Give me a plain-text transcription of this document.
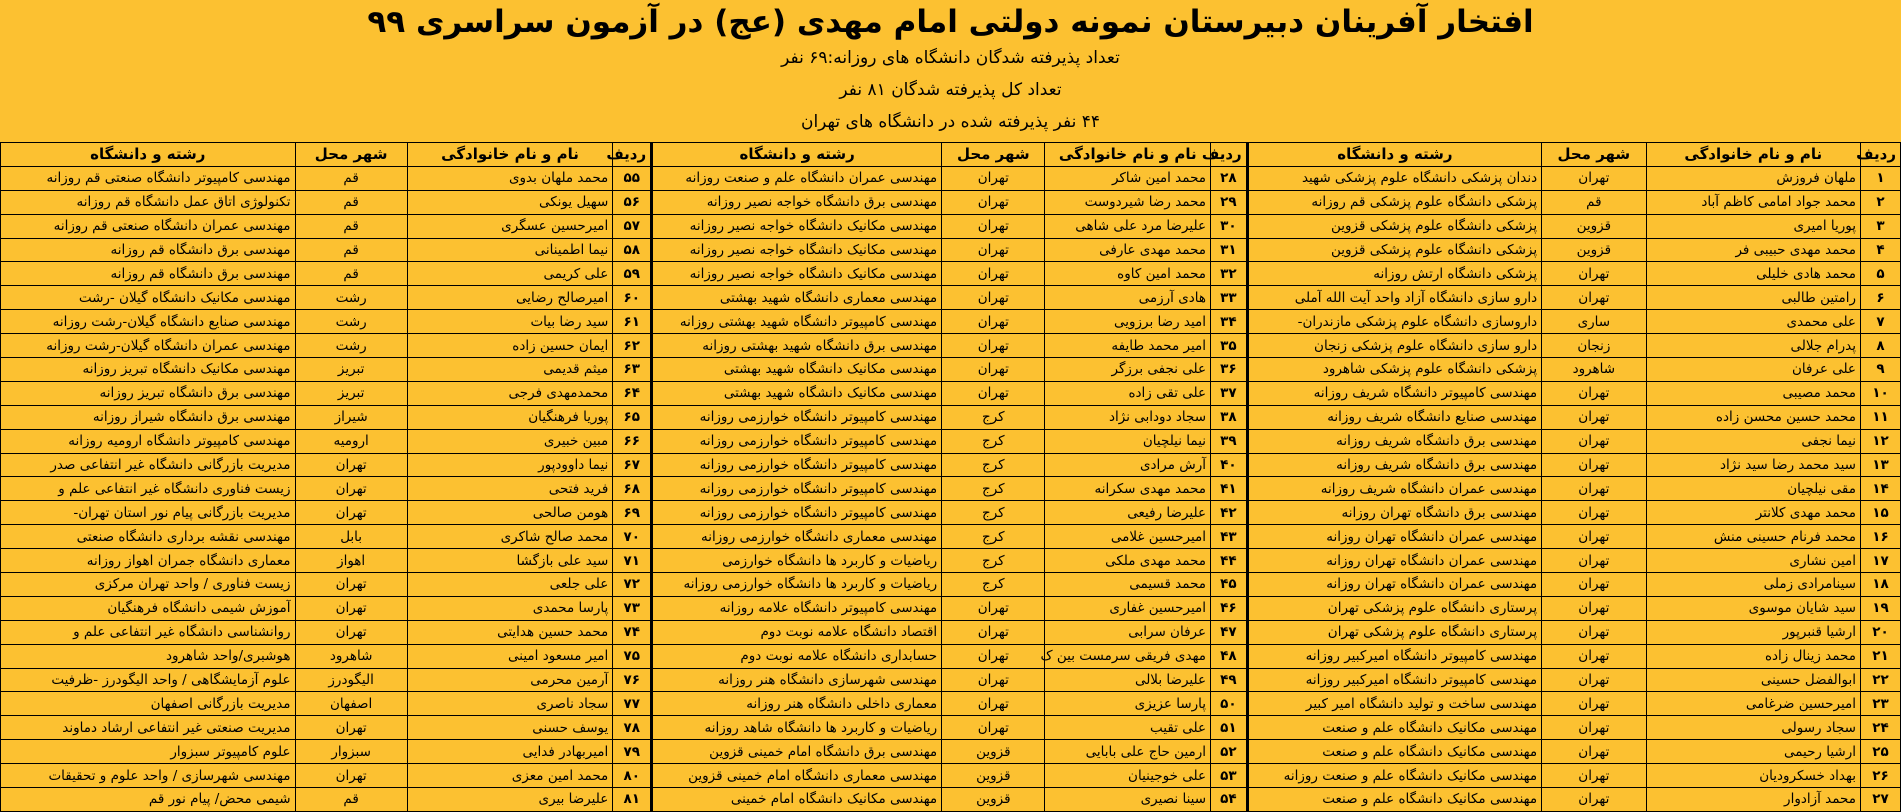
افتخار آفرینان دبیرستان نمونه دولتی امام مهدی (عج) در آزمون سراسری ۹۹
تعداد پذیرفته شدگان دانشگاه های روزانه:۶۹ نفر
تعداد کل پذیرفته شدگان ۸۱ نفر
۴۴ نفر پذیرفته شده در دانشگاه های تهران
ردیف	نام و نام خانوادگی	شهر محل	رشته و دانشگاه	ردیف	نام و نام خانوادگی	شهر محل	رشته و دانشگاه	ردیف	نام و نام خانوادگی	شهر محل	رشته و دانشگاه
۱	ملهان فروزش	تهران	دندان پزشکی دانشگاه علوم پزشکی شهید	۲۸	محمد امین شاکر	تهران	مهندسی عمران دانشگاه علم و صنعت روزانه	۵۵	محمد ملهان بدوی	قم	مهندسی کامپیوتر دانشگاه صنعتی قم روزانه
۲	محمد جواد امامی کاظم آباد	قم	پزشکی دانشگاه علوم پزشکی قم روزانه	۲۹	محمد رضا شیردوست	تهران	مهندسی برق دانشگاه خواجه نصیر روزانه	۵۶	سهیل یونکی	قم	تکنولوژی اتاق عمل دانشگاه قم روزانه
۳	پوریا امیری	قزوین	پزشکی دانشگاه علوم پزشکی قزوین	۳۰	علیرضا مرد علی شاهی	تهران	مهندسی مکانیک دانشگاه خواجه نصیر روزانه	۵۷	امیرحسین عسگری	قم	مهندسی عمران دانشگاه صنعتی قم روزانه
۴	محمد مهدی حبیبی فر	قزوین	پزشکی دانشگاه علوم پزشکی قزوین	۳۱	محمد مهدی عارفی	تهران	مهندسی مکانیک دانشگاه خواجه نصیر روزانه	۵۸	نیما اطمینانی	قم	مهندسی برق دانشگاه قم روزانه
۵	محمد هادی خلیلی	تهران	پزشکی دانشگاه ارتش روزانه	۳۲	محمد امین کاوه	تهران	مهندسی مکانیک دانشگاه خواجه نصیر روزانه	۵۹	علی کریمی	قم	مهندسی برق دانشگاه قم روزانه
۶	رامتین طالبی	تهران	دارو سازی دانشگاه آزاد واحد آیت الله آملی	۳۳	هادی آرزمی	تهران	مهندسی معماری دانشگاه شهید بهشتی	۶۰	امیرصالح رضایی	رشت	مهندسی مکانیک دانشگاه گیلان -رشت
۷	علی محمدی	ساری	داروسازی دانشگاه علوم پزشکی مازندران-	۳۴	امید رضا برزویی	تهران	مهندسی کامپیوتر دانشگاه شهید بهشتی روزانه	۶۱	سید رضا بیات	رشت	مهندسی صنایع دانشگاه گیلان-رشت روزانه
۸	پدرام جلالی	زنجان	دارو سازی دانشگاه علوم پزشکی زنجان	۳۵	امیر محمد طایفه	تهران	مهندسی برق دانشگاه شهید بهشتی روزانه	۶۲	ایمان حسین زاده	رشت	مهندسی عمران دانشگاه گیلان-رشت روزانه
۹	علی عرفان	شاهرود	پزشکی دانشگاه علوم پزشکی شاهرود	۳۶	علی نجفی برزگر	تهران	مهندسی مکانیک دانشگاه شهید بهشتی	۶۳	میثم قدیمی	تبریز	مهندسی مکانیک دانشگاه تبریز روزانه
۱۰	محمد مصیبی	تهران	مهندسی کامپیوتر دانشگاه شریف روزانه	۳۷	علی تقی زاده	تهران	مهندسی مکانیک دانشگاه شهید بهشتی	۶۴	محمدمهدی فرجی	تبریز	مهندسی برق دانشگاه تبریز روزانه
۱۱	محمد حسین محسن زاده	تهران	مهندسی صنایع دانشگاه شریف روزانه	۳۸	سجاد دودابی نژاد	کرج	مهندسی کامپیوتر دانشگاه خوارزمی روزانه	۶۵	پوریا فرهنگیان	شیراز	مهندسی برق دانشگاه شیراز روزانه
۱۲	نیما نجفی	تهران	مهندسی برق دانشگاه شریف روزانه	۳۹	نیما نیلچیان	کرج	مهندسی کامپیوتر دانشگاه خوارزمی روزانه	۶۶	مبین خبیری	ارومیه	مهندسی کامپیوتر دانشگاه ارومیه روزانه
۱۳	سید محمد رضا سید نژاد	تهران	مهندسی برق دانشگاه شریف روزانه	۴۰	آرش مرادی	کرج	مهندسی کامپیوتر دانشگاه خوارزمی روزانه	۶۷	نیما داوودپور	تهران	مدیریت بازرگانی دانشگاه غیر انتفاعی صدر
۱۴	مقی نیلچیان	تهران	مهندسی عمران دانشگاه شریف روزانه	۴۱	محمد مهدی سکرانه	کرج	مهندسی کامپیوتر دانشگاه خوارزمی روزانه	۶۸	فرید فتحی	تهران	زیست فناوری دانشگاه غیر انتفاعی علم و
۱۵	محمد مهدی کلانتر	تهران	مهندسی برق دانشگاه تهران روزانه	۴۲	علیرضا رفیعی	کرج	مهندسی کامپیوتر دانشگاه خوارزمی روزانه	۶۹	هومن صالحی	تهران	مدیریت بازرگانی پیام نور استان تهران-
۱۶	محمد فرنام حسینی منش	تهران	مهندسی عمران دانشگاه تهران روزانه	۴۳	امیرحسین غلامی	کرج	مهندسی معماری دانشگاه خوارزمی روزانه	۷۰	محمد صالح شاکری	بابل	مهندسی نقشه برداری دانشگاه صنعتی
۱۷	امین نشاری	تهران	مهندسی عمران دانشگاه تهران روزانه	۴۴	محمد مهدی ملکی	کرج	ریاضیات و کاربرد ها دانشگاه خوارزمی	۷۱	سید علی بازگشا	اهواز	معماری دانشگاه جمران اهواز روزانه
۱۸	سینامرادی زملی	تهران	مهندسی عمران دانشگاه تهران روزانه	۴۵	محمد قسیمی	کرج	ریاضیات و کاربرد ها دانشگاه خوارزمی روزانه	۷۲	علی جلعی	تهران	زیست فناوری / واحد تهران مرکزی
۱۹	سید شایان موسوی	تهران	پرستاری دانشگاه علوم پزشکی تهران	۴۶	امیرحسین غفاری	تهران	مهندسی کامپیوتر دانشگاه علامه روزانه	۷۳	پارسا محمدی	تهران	آموزش شیمی دانشگاه فرهنگیان
۲۰	ارشیا قنبرپور	تهران	پرستاری دانشگاه علوم پزشکی تهران	۴۷	عرفان سرابی	تهران	اقتصاد دانشگاه علامه نوبت دوم	۷۴	محمد حسین هدایتی	تهران	روانشناسی دانشگاه غیر انتفاعی علم و
۲۱	محمد زینال زاده	تهران	مهندسی کامپیوتر دانشگاه امیرکبیر روزانه	۴۸	مهدی فریقی سرمست بین ک	تهران	حسابداری دانشگاه علامه نوبت دوم	۷۵	امیر مسعود امینی	شاهرود	هوشبری/واحد شاهرود
۲۲	ابوالفضل حسینی	تهران	مهندسی کامپیوتر دانشگاه امیرکبیر روزانه	۴۹	علیرضا بلالی	تهران	مهندسی شهرسازی دانشگاه هنر روزانه	۷۶	آرمین محرمی	الیگودرز	علوم آزمایشگاهی / واحد الیگودرز -ظرفیت
۲۳	امیرحسین ضرغامی	تهران	مهندسی ساخت و تولید دانشگاه امیر کبیر	۵۰	پارسا عزیزی	تهران	معماری داخلی دانشگاه هنر روزانه	۷۷	سجاد ناصری	اصفهان	مدیریت بازرگانی اصفهان
۲۴	سجاد رسولی	تهران	مهندسی مکانیک دانشگاه علم و صنعت	۵۱	علی تقیب	تهران	ریاضیات و کاربرد ها دانشگاه شاهد روزانه	۷۸	یوسف حسنی	تهران	مدیریت صنعتی غیر انتفاعی ارشاد دماوند
۲۵	ارشیا رحیمی	تهران	مهندسی مکانیک دانشگاه علم و صنعت	۵۲	ارمین حاج علی بابایی	قزوین	مهندسی برق دانشگاه امام خمینی قزوین	۷۹	امیربهادر فدایی	سبزوار	علوم کامپیوتر سبزوار
۲۶	بهداد خسکرودیان	تهران	مهندسی مکانیک دانشگاه علم و صنعت روزانه	۵۳	علی خوجینیان	قزوین	مهندسی معماری دانشگاه امام خمینی قزوین	۸۰	محمد امین معزی	تهران	مهندسی شهرسازی / واحد علوم و تحقیقات
۲۷	محمد آزادوار	تهران	مهندسی مکانیک دانشگاه علم و صنعت	۵۴	سینا نصیری	قزوین	مهندسی مکانیک دانشگاه امام خمینی	۸۱	علیرضا بیری	قم	شیمی محض/ پیام نور قم
